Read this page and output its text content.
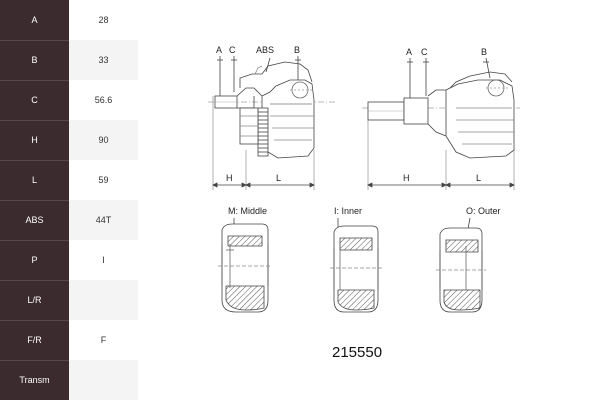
A	28
B	33
C	56.6
H	90
L	59
ABS	44T
P	I
L/R
F/R	F
Transm
A C ABS B
H	L
A C	B
H	L
M: Middle	I: Inner	O: Outer
215550
